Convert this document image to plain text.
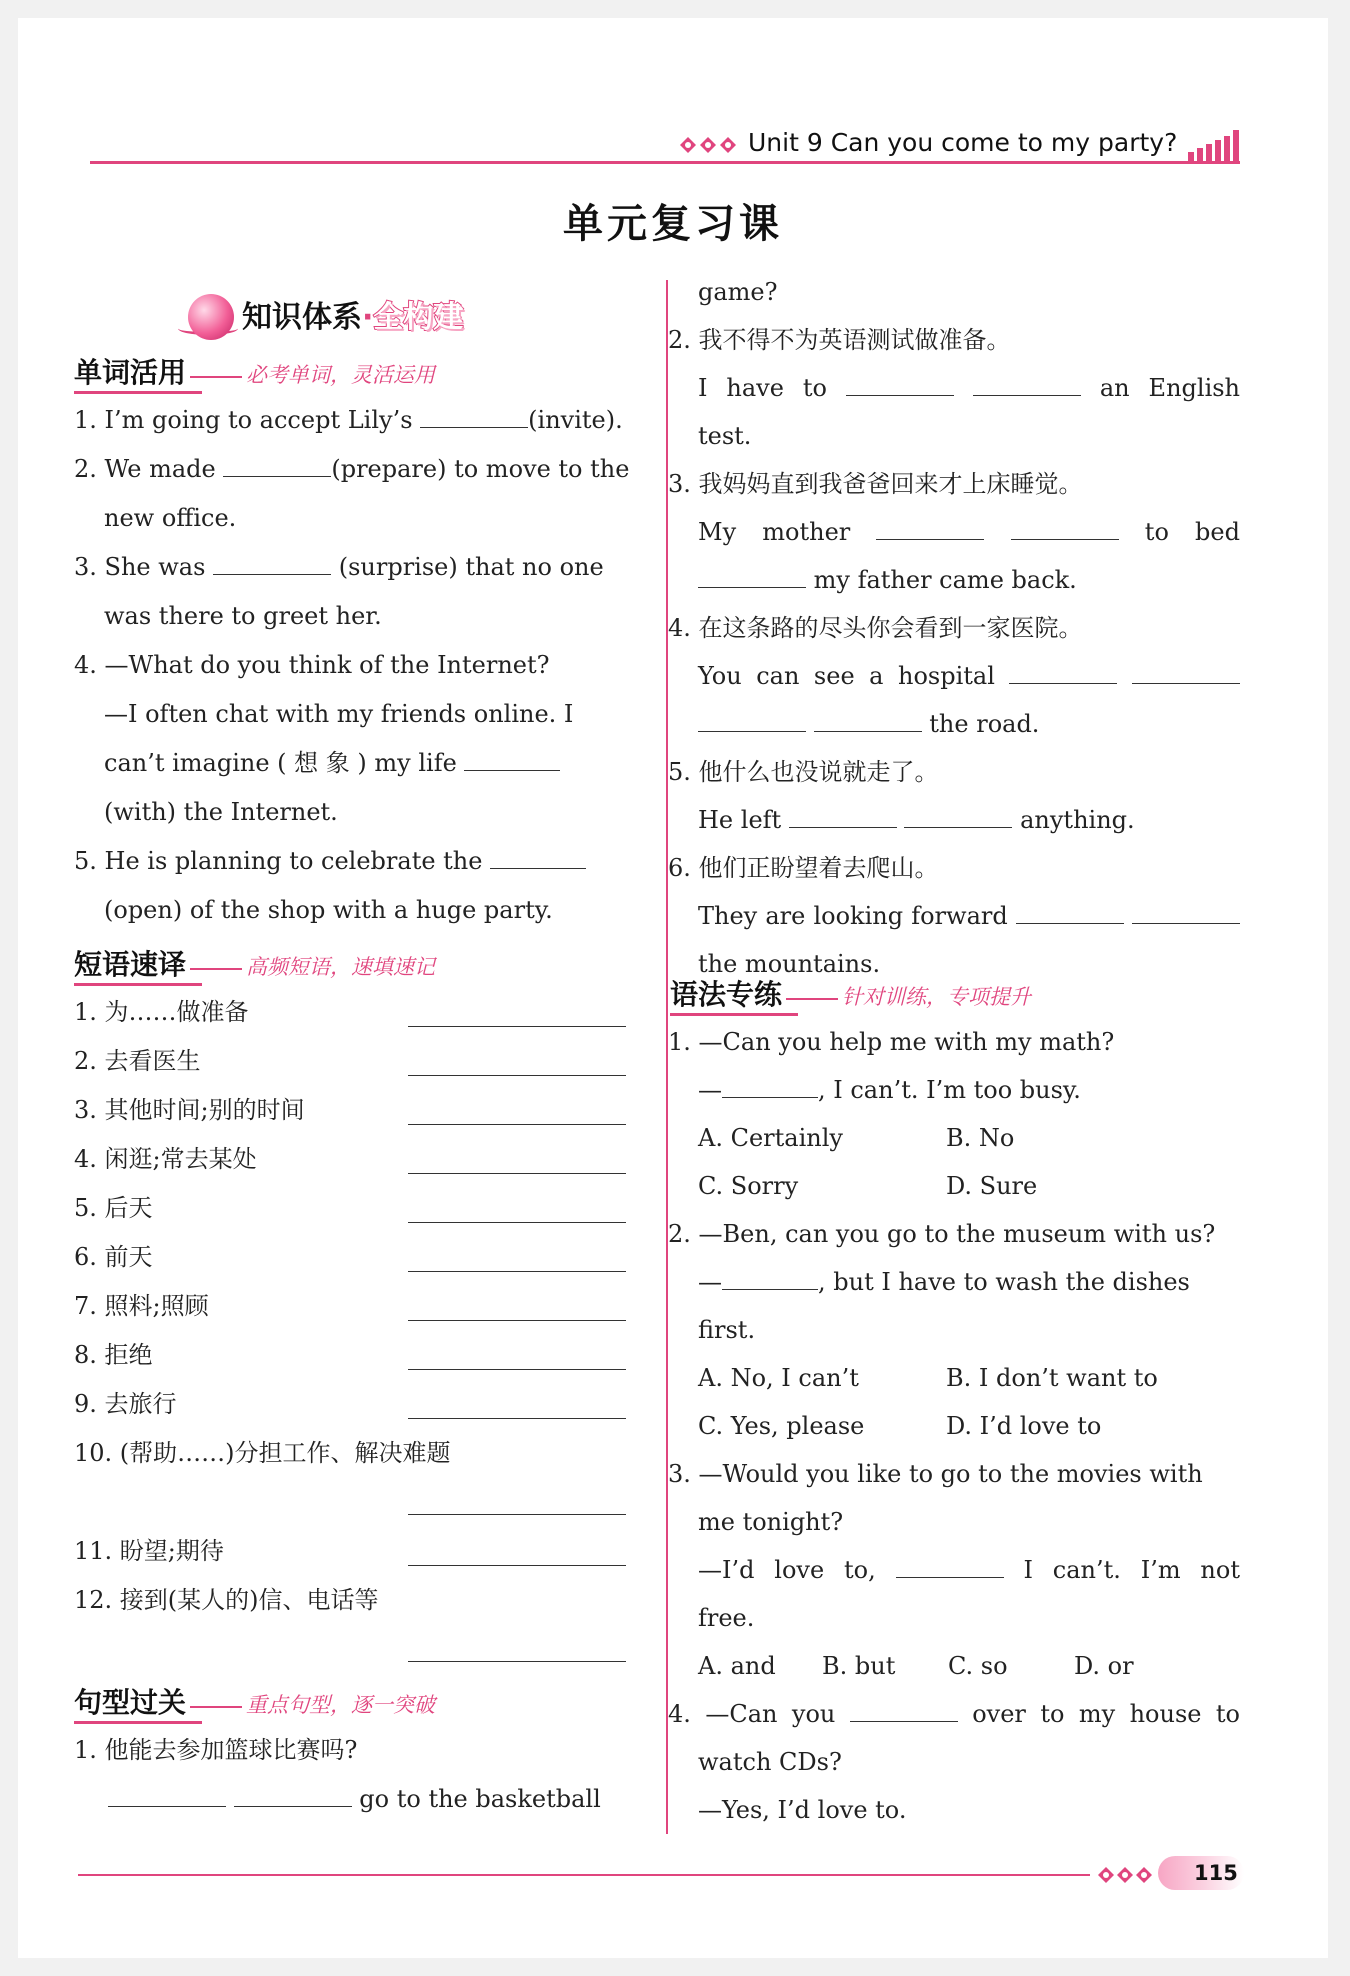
Unit 9 Can you come to my party?
单元复习课
知识体系·全构建
单词活用	必考单词，灵活运用
1. I’m going to accept Lily’s	(invite).
2. We made	(prepare) to move to the
new office.
3. She was	(surprise) that no one
was there to greet her.
4. —What do you think of the Internet?
—I often chat with my friends online. I
can’t imagine ( 想 象 ) my life
(with) the Internet.
5. He is planning to celebrate the
(open) of the shop with a huge party.
短语速译	高频短语，速填速记
1. 为……做准备
2. 去看医生
3. 其他时间;别的时间
4. 闲逛;常去某处
5. 后天
6. 前天
7. 照料;照顾
8. 拒绝
9. 去旅行
10. (帮助……)分担工作、解决难题
11. 盼望;期待
12. 接到(某人的)信、电话等
句型过关	重点句型，逐一突破
1. 他能去参加篮球比赛吗?
go to the basketball
game?
2. 我不得不为英语测试做准备。
I have to	an English
test.
3. 我妈妈直到我爸爸回来才上床睡觉。
My mother	to bed
my father came back.
4. 在这条路的尽头你会看到一家医院。
You can see a hospital
the road.
5. 他什么也没说就走了。
He left	anything.
6. 他们正盼望着去爬山。
They are looking forward
the mountains.
语法专练	针对训练，专项提升
1. —Can you help me with my math?
—	, I can’t. I’m too busy.
A. Certainly	B. No
C. Sorry	D. Sure
2. —Ben, can you go to the museum with us?
—	, but I have to wash the dishes
first.
A. No, I can’t	B. I don’t want to
C. Yes, please	D. I’d love to
3. —Would you like to go to the movies with
me tonight?
—I’d love to,	I can’t. I’m not
free.
A. and B. but C. so	D. or
4. —Can you	over to my house to
watch CDs?
—Yes, I’d love to.
115
